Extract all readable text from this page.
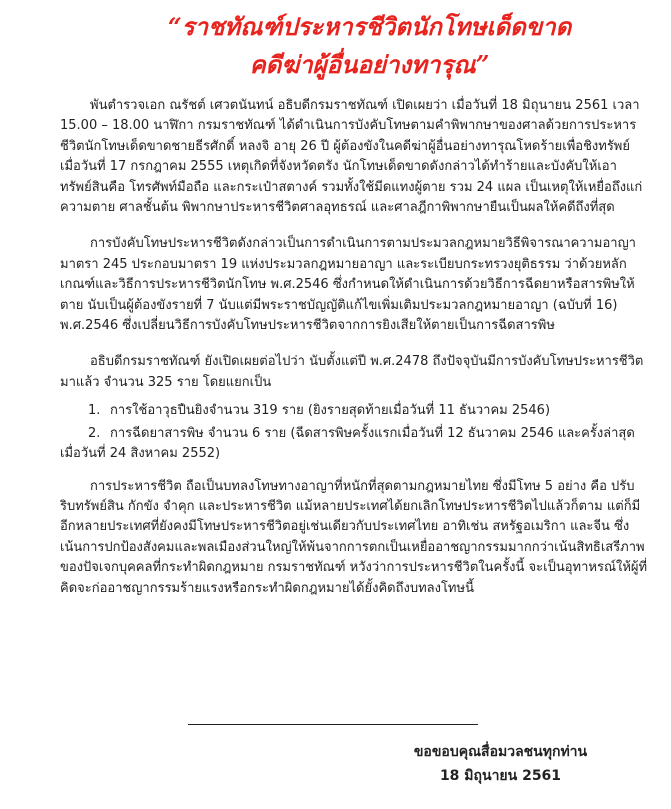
“ราชทัณฑ์ประหารชีวิตนักโทษเด็ดขาด
คดีฆ่าผู้อื่นอย่างทารุณ”

พันตำรวจเอก ณรัชต์ เศวตนันทน์ อธิบดีกรมราชทัณฑ์ เปิดเผยว่า เมื่อวันที่ 18 มิถุนายน 2561 เวลา 15.00 – 18.00 นาฬิกา กรมราชทัณฑ์ ได้ดำเนินการบังคับโทษตามคำพิพากษาของศาลด้วยการประหารชีวิตนักโทษเด็ดขาดชายธีรศักดิ์ หลงจิ อายุ 26 ปี ผู้ต้องขังในคดีฆ่าผู้อื่นอย่างทารุณโหดร้ายเพื่อชิงทรัพย์ เมื่อวันที่ 17 กรกฎาคม 2555 เหตุเกิดที่จังหวัดตรัง นักโทษเด็ดขาดดังกล่าวได้ทำร้ายและบังคับให้เอาทรัพย์สินคือ โทรศัพท์มือถือ และกระเป๋าสตางค์ รวมทั้งใช้มีดแทงผู้ตาย รวม 24 แผล เป็นเหตุให้เหยื่อถึงแก่ความตาย ศาลชั้นต้น พิพากษาประหารชีวิตศาลอุทธรณ์ และศาลฎีกาพิพากษายืนเป็นผลให้คดีถึงที่สุด

การบังคับโทษประหารชีวิตดังกล่าวเป็นการดำเนินการตามประมวลกฎหมายวิธีพิจารณาความอาญา มาตรา 245 ประกอบมาตรา 19 แห่งประมวลกฎหมายอาญา และระเบียบกระทรวงยุติธรรม ว่าด้วยหลักเกณฑ์และวิธีการประหารชีวิตนักโทษ พ.ศ.2546 ซึ่งกำหนดให้ดำเนินการด้วยวิธีการฉีดยาหรือสารพิษให้ตาย นับเป็นผู้ต้องขังรายที่ 7 นับแต่มีพระราชบัญญัติแก้ไขเพิ่มเติมประมวลกฎหมายอาญา (ฉบับที่ 16) พ.ศ.2546 ซึ่งเปลี่ยนวิธีการบังคับโทษประหารชีวิตจากการยิงเสียให้ตายเป็นการฉีดสารพิษ

อธิบดีกรมราชทัณฑ์ ยังเปิดเผยต่อไปว่า นับตั้งแต่ปี พ.ศ.2478 ถึงปัจจุบันมีการบังคับโทษประหารชีวิตมาแล้ว จำนวน 325 ราย โดยแยกเป็น

1. การใช้อาวุธปืนยิงจำนวน 319 ราย (ยิงรายสุดท้ายเมื่อวันที่ 11 ธันวาคม 2546)
2. การฉีดยาสารพิษ จำนวน 6 ราย (ฉีดสารพิษครั้งแรกเมื่อวันที่ 12 ธันวาคม 2546 และครั้งล่าสุดเมื่อวันที่ 24 สิงหาคม 2552)

การประหารชีวิต ถือเป็นบทลงโทษทางอาญาที่หนักที่สุดตามกฎหมายไทย ซึ่งมีโทษ 5 อย่าง คือ ปรับ ริบทรัพย์สิน กักขัง จำคุก และประหารชีวิต แม้หลายประเทศได้ยกเลิกโทษประหารชีวิตไปแล้วก็ตาม แต่ก็มีอีกหลายประเทศที่ยังคงมีโทษประหารชีวิตอยู่เช่นเดียวกับประเทศไทย อาทิเช่น สหรัฐอเมริกา และจีน ซึ่งเน้นการปกป้องสังคมและพลเมืองส่วนใหญ่ให้พ้นจากการตกเป็นเหยื่ออาชญากรรมมากกว่าเน้นสิทธิเสรีภาพของปัจเจกบุคคลที่กระทำผิดกฎหมาย กรมราชทัณฑ์ หวังว่าการประหารชีวิตในครั้งนี้ จะเป็นอุทาหรณ์ให้ผู้ที่คิดจะก่ออาชญากรรมร้ายแรงหรือกระทำผิดกฎหมายได้ยั้งคิดถึงบทลงโทษนี้

ขอขอบคุณสื่อมวลชนทุกท่าน
18 มิถุนายน 2561
